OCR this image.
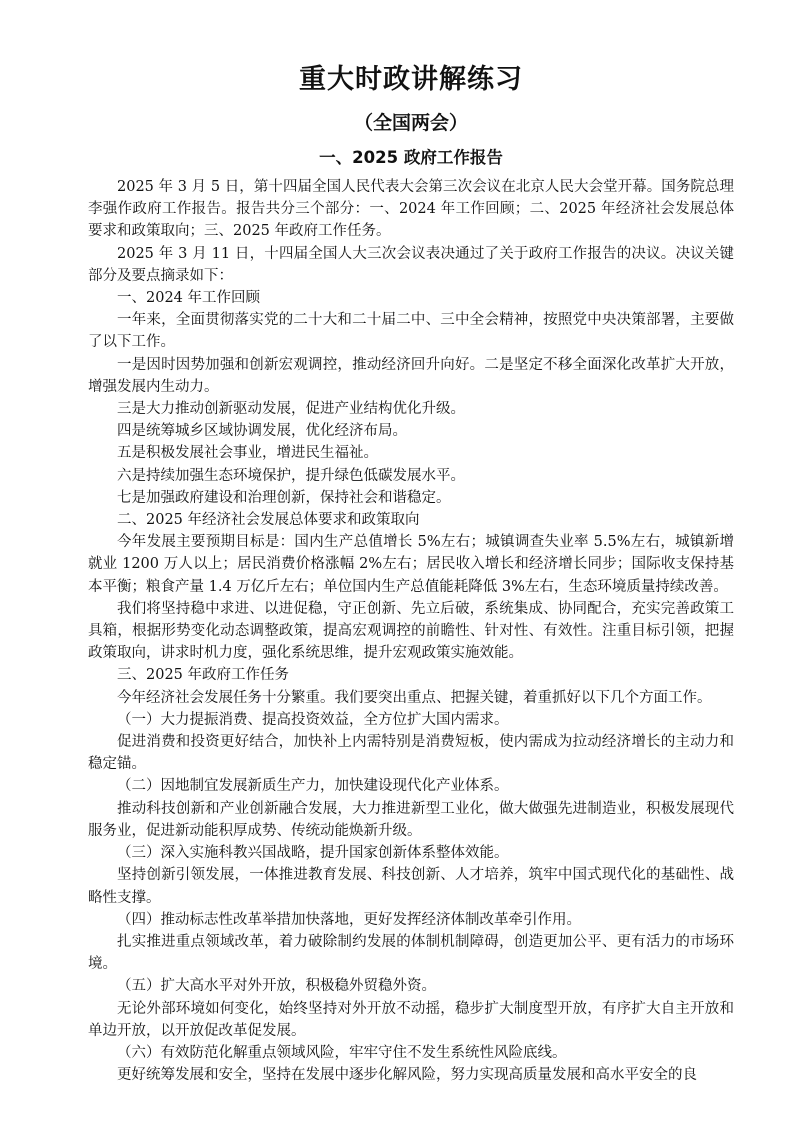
重大时政讲解练习
（全国两会）
一、2025 政府工作报告

2025 年 3 月 5 日，第十四届全国人民代表大会第三次会议在北京人民大会堂开幕。国务院总理李强作政府工作报告。报告共分三个部分：一、2024 年工作回顾；二、2025 年经济社会发展总体要求和政策取向；三、2025 年政府工作任务。

2025 年 3 月 11 日，十四届全国人大三次会议表决通过了关于政府工作报告的决议。决议关键部分及要点摘录如下：

一、2024 年工作回顾

一年来，全面贯彻落实党的二十大和二十届二中、三中全会精神，按照党中央决策部署，主要做了以下工作。

一是因时因势加强和创新宏观调控，推动经济回升向好。二是坚定不移全面深化改革扩大开放，增强发展内生动力。

三是大力推动创新驱动发展，促进产业结构优化升级。

四是统筹城乡区域协调发展，优化经济布局。

五是积极发展社会事业，增进民生福祉。

六是持续加强生态环境保护，提升绿色低碳发展水平。

七是加强政府建设和治理创新，保持社会和谐稳定。

二、2025 年经济社会发展总体要求和政策取向

今年发展主要预期目标是：国内生产总值增长 5%左右；城镇调查失业率 5.5%左右，城镇新增就业 1200 万人以上；居民消费价格涨幅 2%左右；居民收入增长和经济增长同步；国际收支保持基本平衡；粮食产量 1.4 万亿斤左右；单位国内生产总值能耗降低 3%左右，生态环境质量持续改善。

我们将坚持稳中求进、以进促稳，守正创新、先立后破，系统集成、协同配合，充实完善政策工具箱，根据形势变化动态调整政策，提高宏观调控的前瞻性、针对性、有效性。注重目标引领，把握政策取向，讲求时机力度，强化系统思维，提升宏观政策实施效能。

三、2025 年政府工作任务

今年经济社会发展任务十分繁重。我们要突出重点、把握关键，着重抓好以下几个方面工作。

（一）大力提振消费、提高投资效益，全方位扩大国内需求。

促进消费和投资更好结合，加快补上内需特别是消费短板，使内需成为拉动经济增长的主动力和稳定锚。

（二）因地制宜发展新质生产力，加快建设现代化产业体系。

推动科技创新和产业创新融合发展，大力推进新型工业化，做大做强先进制造业，积极发展现代服务业，促进新动能积厚成势、传统动能焕新升级。

（三）深入实施科教兴国战略，提升国家创新体系整体效能。

坚持创新引领发展，一体推进教育发展、科技创新、人才培养，筑牢中国式现代化的基础性、战略性支撑。

（四）推动标志性改革举措加快落地，更好发挥经济体制改革牵引作用。

扎实推进重点领域改革，着力破除制约发展的体制机制障碍，创造更加公平、更有活力的市场环境。

（五）扩大高水平对外开放，积极稳外贸稳外资。

无论外部环境如何变化，始终坚持对外开放不动摇，稳步扩大制度型开放，有序扩大自主开放和单边开放，以开放促改革促发展。

（六）有效防范化解重点领域风险，牢牢守住不发生系统性风险底线。

更好统筹发展和安全，坚持在发展中逐步化解风险，努力实现高质量发展和高水平安全的良
